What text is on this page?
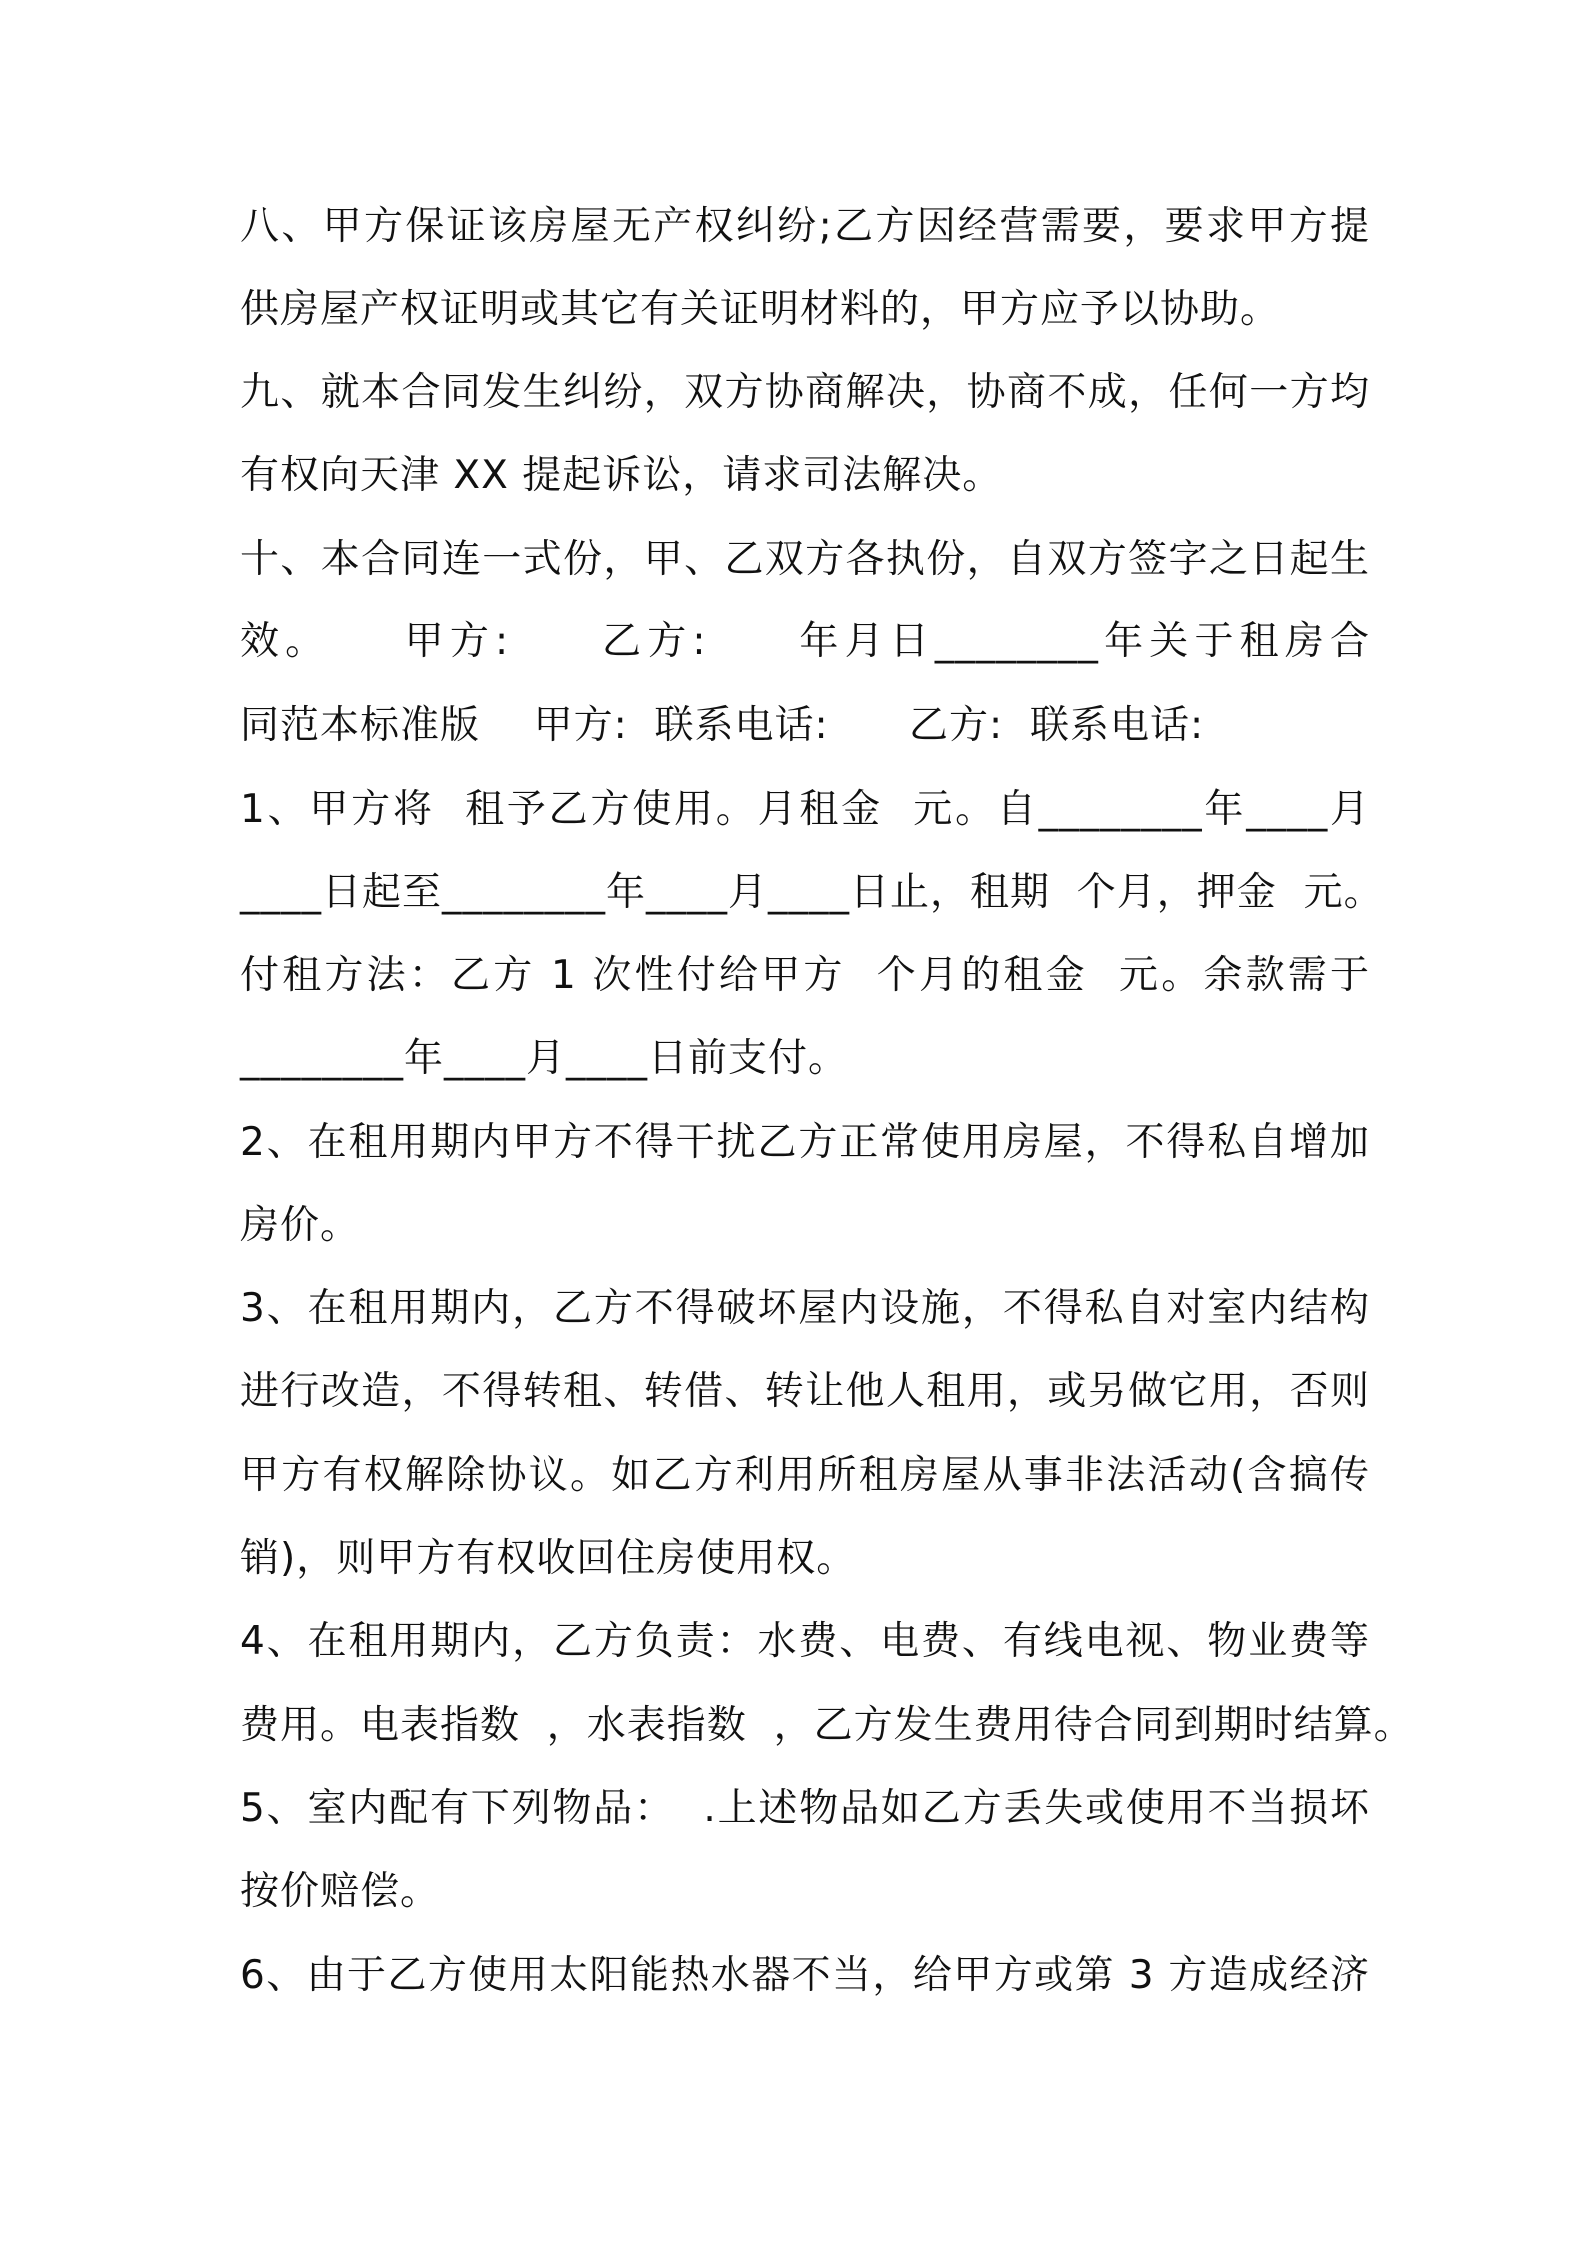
八、甲方保证该房屋无产权纠纷;乙方因经营需要，要求甲方提
供房屋产权证明或其它有关证明材料的，甲方应予以协助。
九、就本合同发生纠纷，双方协商解决，协商不成，任何一方均
有权向天津 XX 提起诉讼，请求司法解决。
十、本合同连一式份，甲、乙双方各执份，自双方签字之日起生
效。    甲方:     乙方:     年月日________年关于租房合
同范本标准版    甲方:  联系电话:      乙方:  联系电话:
1、甲方将  租予乙方使用。月租金  元。自________年____月
____日起至________年____月____日止，租期  个月，押金  元。
付租方法：乙方 1 次性付给甲方  个月的租金  元。余款需于
________年____月____日前支付。
2、在租用期内甲方不得干扰乙方正常使用房屋，不得私自增加
房价。
3、在租用期内，乙方不得破坏屋内设施，不得私自对室内结构
进行改造，不得转租、转借、转让他人租用，或另做它用，否则
甲方有权解除协议。如乙方利用所租房屋从事非法活动(含搞传
销)，则甲方有权收回住房使用权。
4、在租用期内，乙方负责：水费、电费、有线电视、物业费等
费用。电表指数  ，水表指数  ，乙方发生费用待合同到期时结算。
5、室内配有下列物品：  .上述物品如乙方丢失或使用不当损坏
按价赔偿。
6、由于乙方使用太阳能热水器不当，给甲方或第 3 方造成经济
